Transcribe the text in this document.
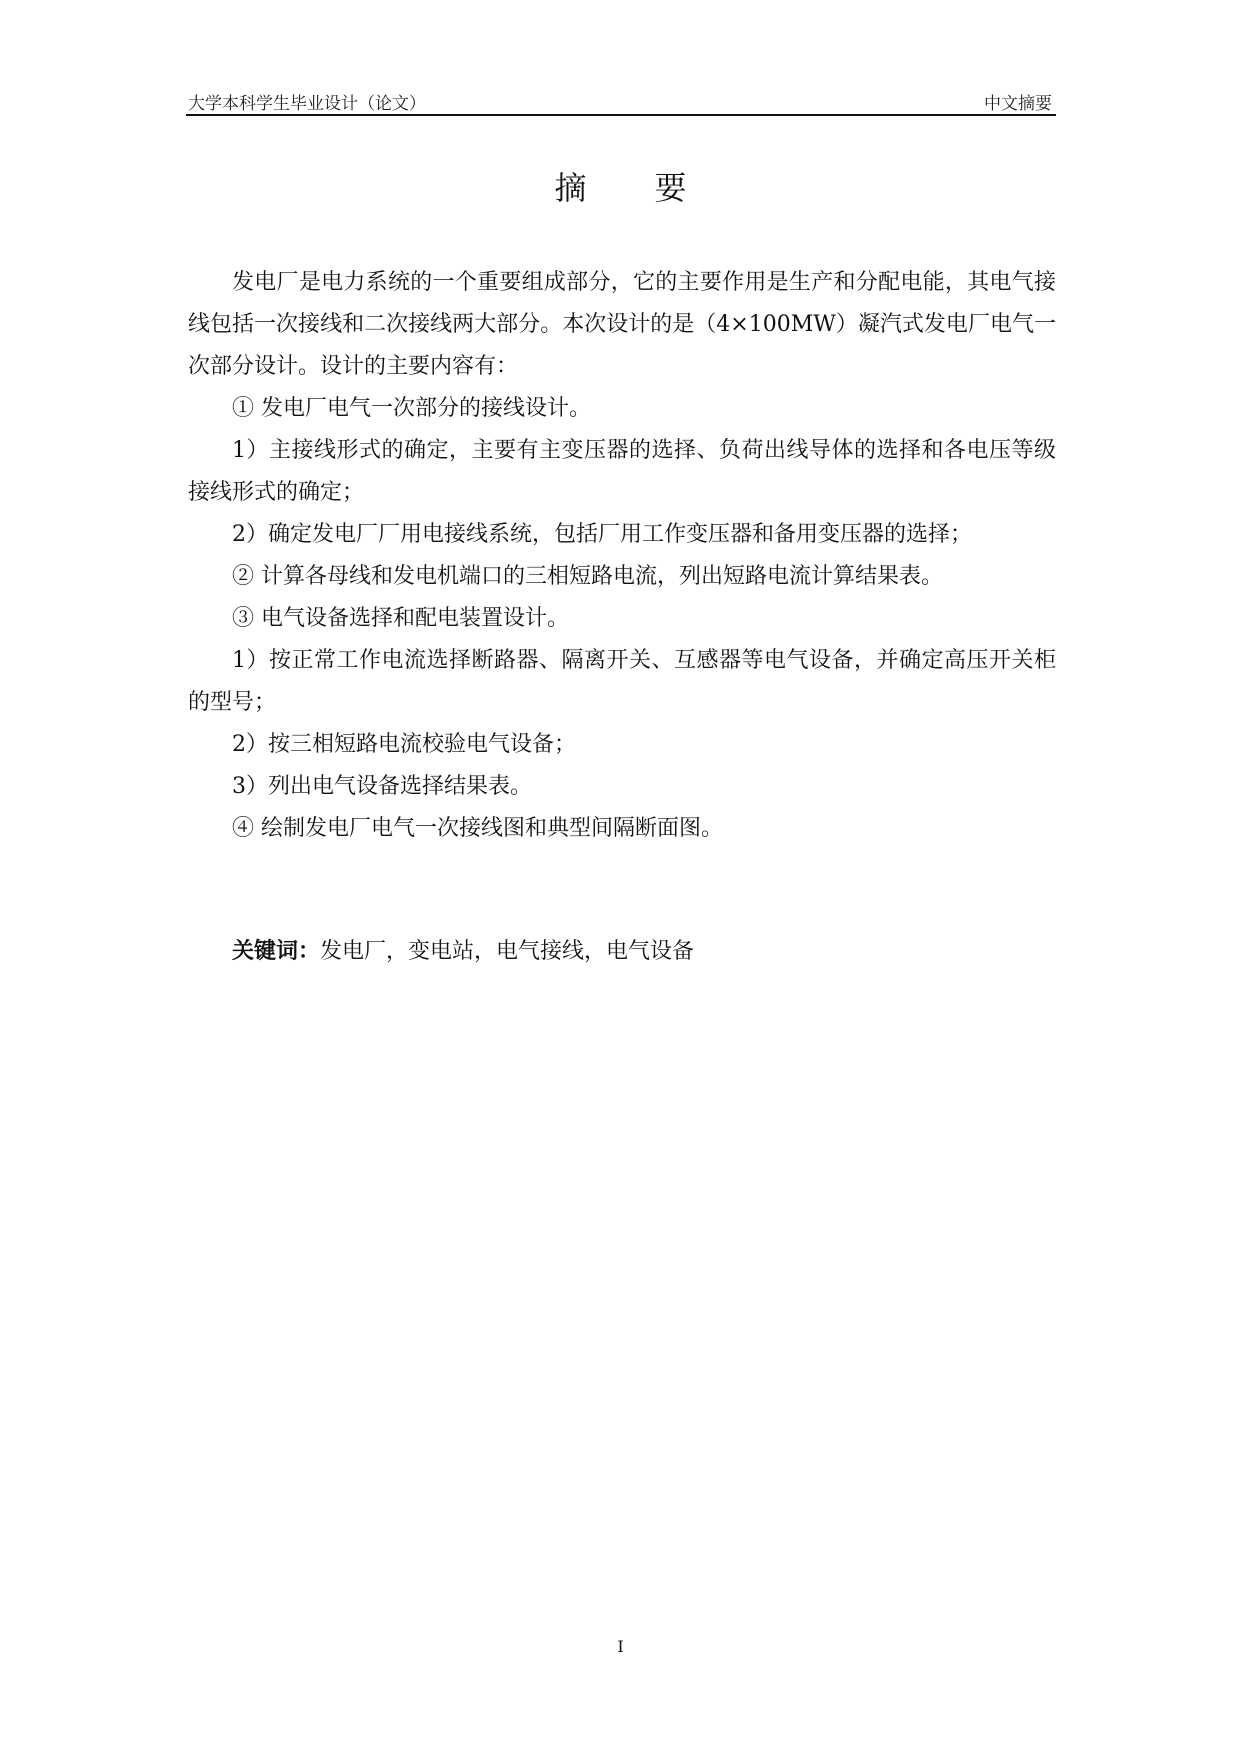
大学本科学生毕业设计（论文）	中文摘要
摘 要

发电厂是电力系统的一个重要组成部分，它的主要作用是生产和分配电能，其电气接线包括一次接线和二次接线两大部分。本次设计的是（4×100MW）凝汽式发电厂电气一次部分设计。设计的主要内容有：

① 发电厂电气一次部分的接线设计。

1）主接线形式的确定，主要有主变压器的选择、负荷出线导体的选择和各电压等级接线形式的确定；

2）确定发电厂厂用电接线系统，包括厂用工作变压器和备用变压器的选择；

② 计算各母线和发电机端口的三相短路电流，列出短路电流计算结果表。

③ 电气设备选择和配电装置设计。

1）按正常工作电流选择断路器、隔离开关、互感器等电气设备，并确定高压开关柜的型号；

2）按三相短路电流校验电气设备；

3）列出电气设备选择结果表。

④ 绘制发电厂电气一次接线图和典型间隔断面图。

关键词：发电厂，变电站，电气接线，电气设备
I
